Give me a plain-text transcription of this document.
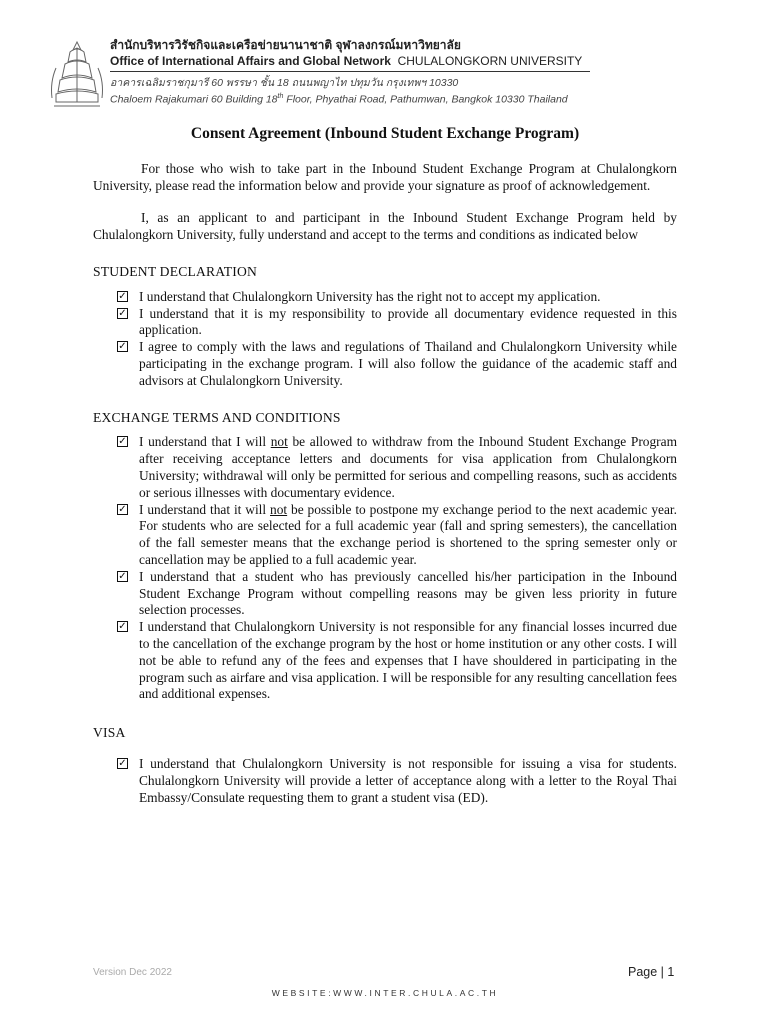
สำนักบริหารวิรัชกิจและเครือข่ายนานาชาติ จุฬาลงกรณ์มหาวิทยาลัย
Office of International Affairs and Global Network CHULALONGKORN UNIVERSITY
อาคารเฉลิมราชกุมารี 60 พรรษา ชั้น 18 ถนนพญาไท ปทุมวัน กรุงเทพฯ 10330
Chaloem Rajakumari 60 Building 18th Floor, Phyathai Road, Pathumwan, Bangkok 10330 Thailand
Consent Agreement (Inbound Student Exchange Program)

For those who wish to take part in the Inbound Student Exchange Program at Chulalongkorn University, please read the information below and provide your signature as proof of acknowledgement.

I, as an applicant to and participant in the Inbound Student Exchange Program held by Chulalongkorn University, fully understand and accept to the terms and conditions as indicated below

STUDENT DECLARATION
✓ I understand that Chulalongkorn University has the right not to accept my application.
✓ I understand that it is my responsibility to provide all documentary evidence requested in this application.
✓ I agree to comply with the laws and regulations of Thailand and Chulalongkorn University while participating in the exchange program. I will also follow the guidance of the academic staff and advisors at Chulalongkorn University.
EXCHANGE TERMS AND CONDITIONS
✓ I understand that I will not be allowed to withdraw from the Inbound Student Exchange Program after receiving acceptance letters and documents for visa application from Chulalongkorn University; withdrawal will only be permitted for serious and compelling reasons, such as accidents or serious illnesses with documentary evidence.
✓ I understand that it will not be possible to postpone my exchange period to the next academic year. For students who are selected for a full academic year (fall and spring semesters), the cancellation of the fall semester means that the exchange period is shortened to the spring semester only or cancellation may be applied to a full academic year.
✓ I understand that a student who has previously cancelled his/her participation in the Inbound Student Exchange Program without compelling reasons may be given less priority in future selection processes.
✓ I understand that Chulalongkorn University is not responsible for any financial losses incurred due to the cancellation of the exchange program by the host or home institution or any other costs. I will not be able to refund any of the fees and expenses that I have shouldered in participating in the program such as airfare and visa application. I will be responsible for any resulting cancellation fees and additional expenses.
VISA
✓ I understand that Chulalongkorn University is not responsible for issuing a visa for students. Chulalongkorn University will provide a letter of acceptance along with a letter to the Royal Thai Embassy/Consulate requesting them to grant a student visa (ED).
Version Dec 2022	Page | 1
WEBSITE:WWW.INTER.CHULA.AC.TH
